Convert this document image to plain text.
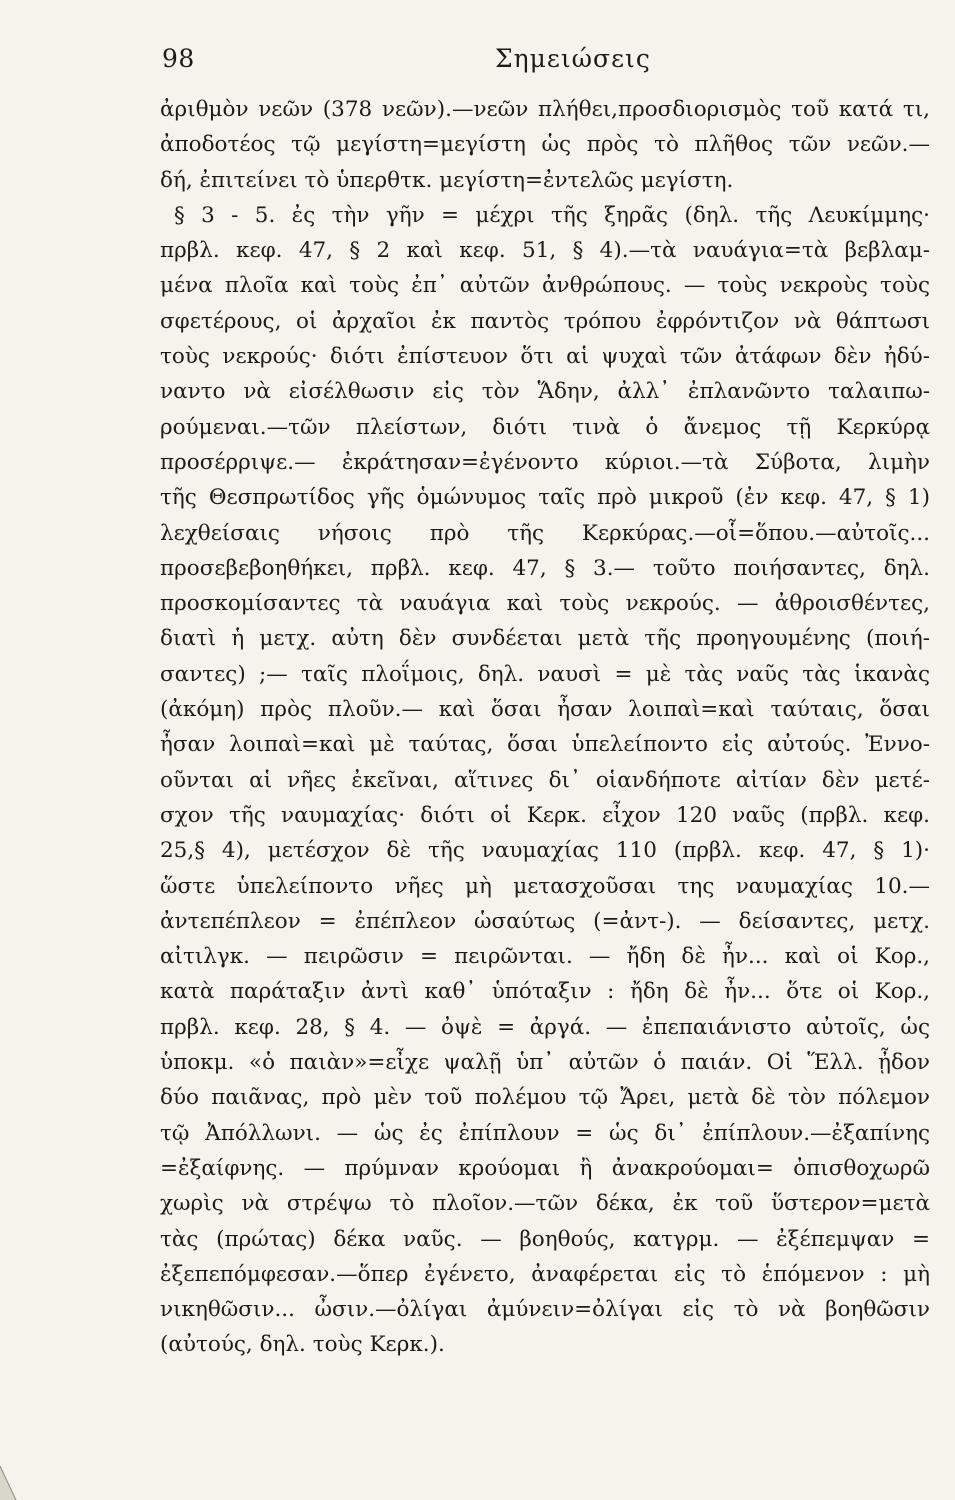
98	Σημειώσεις
ἀριθμὸν νεῶν (378 νεῶν).—νεῶν πλήθει,προσδιορισμὸς τοῦ κατά τι,
ἀποδοτέος τῷ μεγίστη=μεγίστη ὡς πρὸς τὸ πλῆθος τῶν νεῶν.—
δή, ἐπιτείνει τὸ ὑπερθτκ. μεγίστη=ἐντελῶς μεγίστη.
§ 3 - 5. ἐς τὴν γῆν = μέχρι τῆς ξηρᾶς (δηλ. τῆς Λευκίμμης·
πρβλ. κεφ. 47, § 2 καὶ κεφ. 51, § 4).—τὰ ναυάγια=τὰ βεβλαμ-
μένα πλοῖα καὶ τοὺς ἐπ᾽ αὐτῶν ἀνθρώπους. — τοὺς νεκροὺς τοὺς
σφετέρους, οἱ ἀρχαῖοι ἐκ παντὸς τρόπου ἐφρόντιζον νὰ θάπτωσι
τοὺς νεκρούς· διότι ἐπίστευον ὅτι αἱ ψυχαὶ τῶν ἀτάφων δὲν ἠδύ-
ναντο νὰ εἰσέλθωσιν εἰς τὸν Ἅδην, ἀλλ᾽ ἐπλανῶντο ταλαιπω-
ρούμεναι.—τῶν πλείστων, διότι τινὰ ὁ ἄνεμος τῇ Κερκύρᾳ
προσέρριψε.— ἐκράτησαν=ἐγένοντο κύριοι.—τὰ Σύβοτα, λιμὴν
τῆς Θεσπρωτίδος γῆς ὁμώνυμος ταῖς πρὸ μικροῦ (ἐν κεφ. 47, § 1)
λεχθείσαις νήσοις πρὸ τῆς Κερκύρας.—οἷ=ὅπου.—αὐτοῖς...
προσεβεβοηθήκει, πρβλ. κεφ. 47, § 3.— τοῦτο ποιήσαντες, δηλ.
προσκομίσαντες τὰ ναυάγια καὶ τοὺς νεκρούς. — ἀθροισθέντες,
διατὶ ἡ μετχ. αὐτη δὲν συνδέεται μετὰ τῆς προηγουμένης (ποιή-
σαντες) ;— ταῖς πλοΐμοις, δηλ. ναυσὶ = μὲ τὰς ναῦς τὰς ἱκανὰς
(ἀκόμη) πρὸς πλοῦν.— καὶ ὅσαι ἦσαν λοιπαὶ=καὶ ταύταις, ὅσαι
ἦσαν λοιπαὶ=καὶ μὲ ταύτας, ὅσαι ὑπελείποντο εἰς αὐτούς. Ἐννο-
οῦνται αἱ νῆες ἐκεῖναι, αἵτινες δι᾽ οἱανδήποτε αἰτίαν δὲν μετέ-
σχον τῆς ναυμαχίας· διότι οἱ Κερκ. εἶχον 120 ναῦς (πρβλ. κεφ.
25,§ 4), μετέσχον δὲ τῆς ναυμαχίας 110 (πρβλ. κεφ. 47, § 1)·
ὥστε ὑπελείποντο νῆες μὴ μετασχοῦσαι της ναυμαχίας 10.—
ἀντεπέπλεον = ἐπέπλεον ὡσαύτως (=ἀντ-). — δείσαντες, μετχ.
αἰτιλγκ. — πειρῶσιν = πειρῶνται. — ἤδη δὲ ἦν... καὶ οἱ Κορ.,
κατὰ παράταξιν ἀντὶ καθ᾽ ὑπόταξιν : ἤδη δὲ ἦν... ὅτε οἱ Κορ.,
πρβλ. κεφ. 28, § 4. — ὀψὲ = ἀργά. — ἐπεπαιάνιστο αὐτοῖς, ὡς
ὑποκμ. «ὁ παιὰν»=εἶχε ψαλῇ ὑπ᾽ αὐτῶν ὁ παιάν. Οἱ Ἕλλ. ᾖδον
δύο παιᾶνας, πρὸ μὲν τοῦ πολέμου τῷ Ἄρει, μετὰ δὲ τὸν πόλεμον
τῷ Ἀπόλλωνι. — ὡς ἐς ἐπίπλουν = ὡς δι᾽ ἐπίπλουν.—ἐξαπίνης
=ἐξαίφνης. — πρύμναν κρούομαι ἢ ἀνακρούομαι= ὀπισθοχωρῶ
χωρὶς νὰ στρέψω τὸ πλοῖον.—τῶν δέκα, ἐκ τοῦ ὕστερον=μετὰ
τὰς (πρώτας) δέκα ναῦς. — βοηθούς, κατγρμ. — ἐξέπεμψαν =
ἐξεπεπόμφεσαν.—ὅπερ ἐγένετο, ἀναφέρεται εἰς τὸ ἑπόμενον : μὴ
νικηθῶσιν... ὦσιν.—ὀλίγαι ἀμύνειν=ὀλίγαι εἰς τὸ νὰ βοηθῶσιν
(αὐτούς, δηλ. τοὺς Κερκ.).
